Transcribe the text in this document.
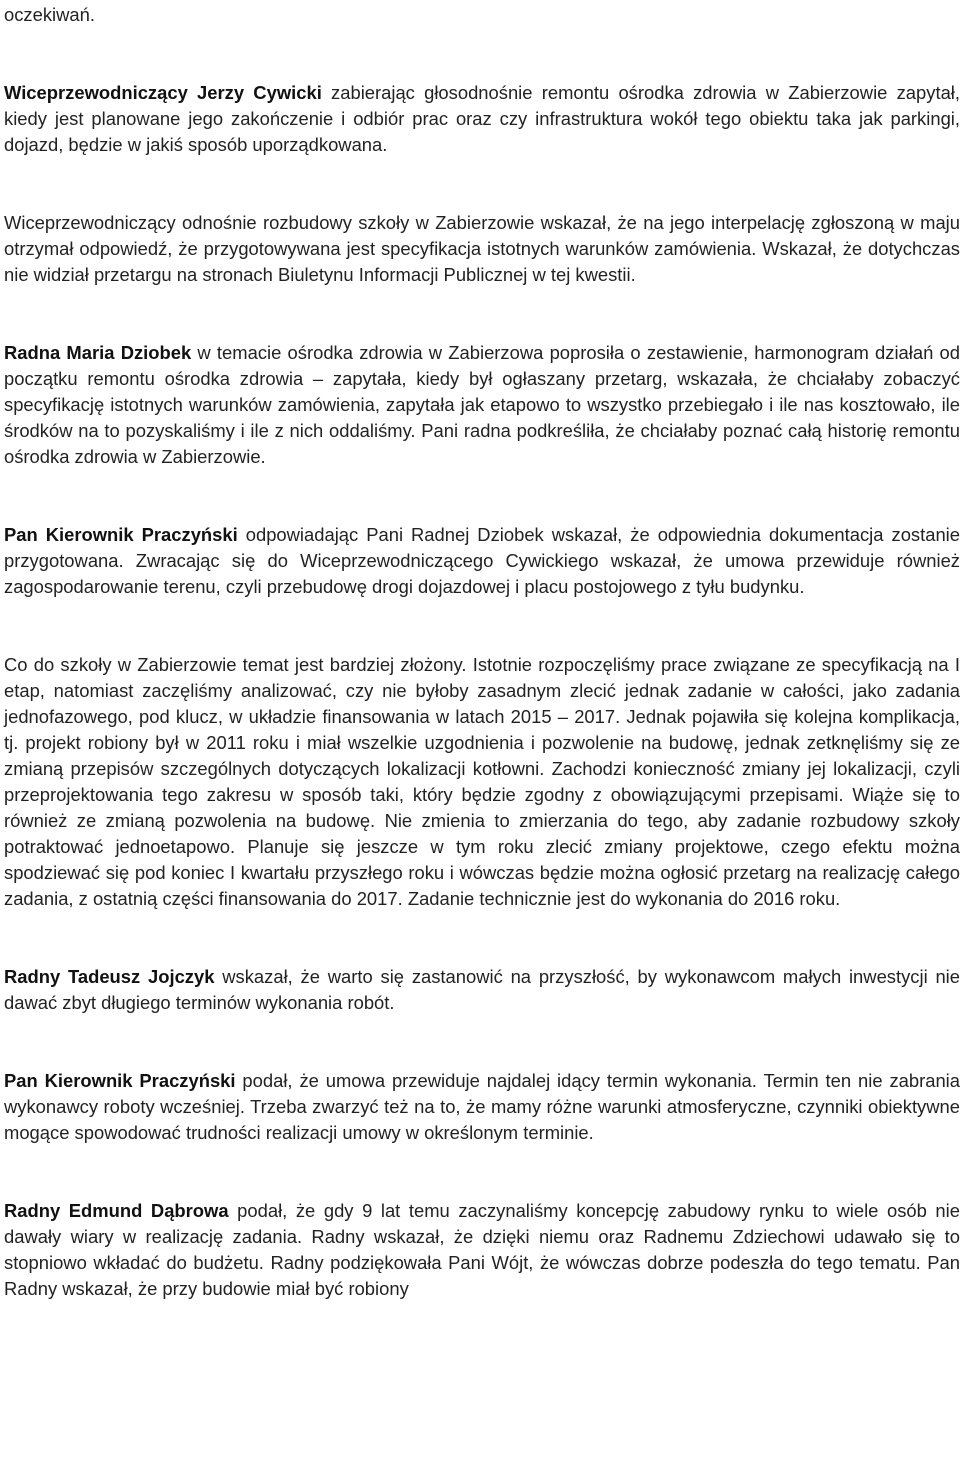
oczekiwań.

Wiceprzewodniczący Jerzy Cywicki zabierając głosodnośnie remontu ośrodka zdrowia w Zabierzowie zapytał, kiedy jest planowane jego zakończenie i odbiór prac oraz czy infrastruktura wokół tego obiektu taka jak parkingi, dojazd, będzie w jakiś sposób uporządkowana.

Wiceprzewodniczący odnośnie rozbudowy szkoły w Zabierzowie wskazał, że na jego interpelację zgłoszoną w maju otrzymał odpowiedź, że przygotowywana jest specyfikacja istotnych warunków zamówienia. Wskazał, że dotychczas nie widział przetargu na stronach Biuletynu Informacji Publicznej w tej kwestii.

Radna Maria Dziobek w temacie ośrodka zdrowia w Zabierzowa poprosiła o zestawienie, harmonogram działań od początku remontu ośrodka zdrowia – zapytała, kiedy był ogłaszany przetarg, wskazała, że chciałaby zobaczyć specyfikację istotnych warunków zamówienia, zapytała jak etapowo to wszystko przebiegało i ile nas kosztowało, ile środków na to pozyskaliśmy i ile z nich oddaliśmy. Pani radna podkreśliła, że chciałaby poznać całą historię remontu ośrodka zdrowia w Zabierzowie.

Pan Kierownik Praczyński odpowiadając Pani Radnej Dziobek wskazał, że odpowiednia dokumentacja zostanie przygotowana. Zwracając się do Wiceprzewodniczącego Cywickiego wskazał, że umowa przewiduje również zagospodarowanie terenu, czyli przebudowę drogi dojazdowej i placu postojowego z tyłu budynku.

Co do szkoły w Zabierzowie temat jest bardziej złożony. Istotnie rozpoczęliśmy prace związane ze specyfikacją na I etap, natomiast zaczęliśmy analizować, czy nie byłoby zasadnym zlecić jednak zadanie w całości, jako zadania jednofazowego, pod klucz, w układzie finansowania w latach 2015 – 2017. Jednak pojawiła się kolejna komplikacja, tj. projekt robiony był w 2011 roku i miał wszelkie uzgodnienia i pozwolenie na budowę, jednak zetknęliśmy się ze zmianą przepisów szczególnych dotyczących lokalizacji kotłowni. Zachodzi konieczność zmiany jej lokalizacji, czyli przeprojektowania tego zakresu w sposób taki, który będzie zgodny z obowiązującymi przepisami. Wiąże się to również ze zmianą pozwolenia na budowę. Nie zmienia to zmierzania do tego, aby zadanie rozbudowy szkoły potraktować jednoetapowo. Planuje się jeszcze w tym roku zlecić zmiany projektowe, czego efektu można spodziewać się pod koniec I kwartału przyszłego roku i wówczas będzie można ogłosić przetarg na realizację całego zadania, z ostatnią części finansowania do 2017. Zadanie technicznie jest do wykonania do 2016 roku.

Radny Tadeusz Jojczyk wskazał, że warto się zastanowić na przyszłość, by wykonawcom małych inwestycji nie dawać zbyt długiego terminów wykonania robót.

Pan Kierownik Praczyński podał, że umowa przewiduje najdalej idący termin wykonania. Termin ten nie zabrania wykonawcy roboty wcześniej. Trzeba zwarzyć też na to, że mamy różne warunki atmosferyczne, czynniki obiektywne mogące spowodować trudności realizacji umowy w określonym terminie.

Radny Edmund Dąbrowa podał, że gdy 9 lat temu zaczynaliśmy koncepcję zabudowy rynku to wiele osób nie dawały wiary w realizację zadania. Radny wskazał, że dzięki niemu oraz Radnemu Zdziechowi udawało się to stopniowo wkładać do budżetu. Radny podziękowała Pani Wójt, że wówczas dobrze podeszła do tego tematu. Pan Radny wskazał, że przy budowie miał być robiony
